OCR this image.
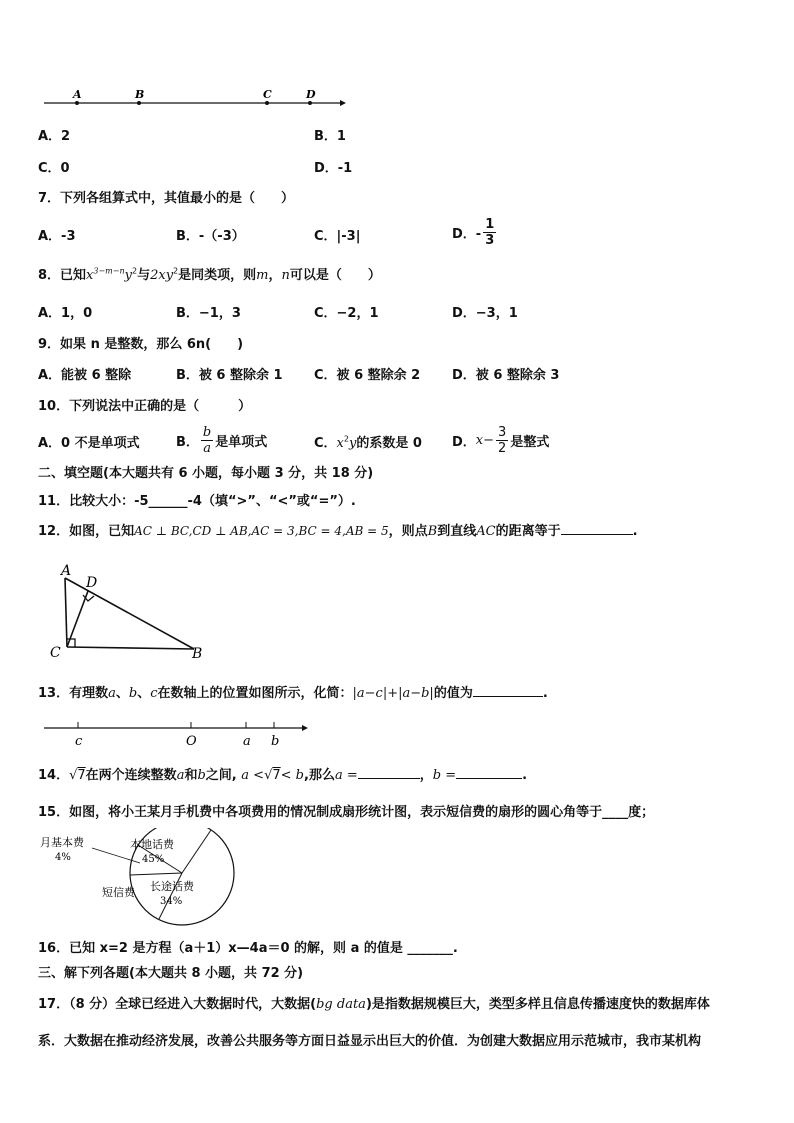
A	B	C	D
A．2	B．1
C．0	D．-1
7．下列各组算式中，其值最小的是（　　）
A．-3	B．-（-3）	C．|-3|	D．- $\frac{1}{3}$
8．已知$x^{3-m-n}y^2$与$2xy^2$是同类项，则m，n可以是（　　）
A．1，0	B．−1，3	C．−2，1	D．−3，1
9．如果 n 是整数，那么 6n(　　)
A．能被 6 整除	B．被 6 整除余 1 C．被 6 整除余 2 D．被 6 整除余 3
10．下列说法中正确的是（　　　）
A．0 不是单项式	B． $\frac{b}{a}$ 是单项式	C．$x^2y$的系数是 0 D． $x- \frac{3}{2}$ 是整式
二、填空题(本大题共有 6 小题，每小题 3 分，共 18 分)
11．比较大小：-5______-4（填“>”、“<”或“=”）.
12．如图，已知AC ⊥ BC,CD ⊥ AB,AC = 3,BC = 4,AB = 5，则点B到直线AC的距离等于	.
A
D
C	B
13．有理数a、b、c在数轴上的位置如图所示，化简：|a−c|+|a−b|的值为	.
c	O	a b
14．√7在两个连续整数a和b之间, a <√7< b,那么a =	，b =	.
15．如图，将小王某月手机费中各项费用的情况制成扇形统计图，表示短信费的扇形的圆心角等于____度；
月基本费
4%
本地话费
45%
长途话费
34%
短信费
16．已知 x=2 是方程（a＋1）x—4a＝0 的解，则 a 的值是 _______.
三、解下列各题(本大题共 8 小题，共 72 分)
17．（8 分）全球已经进入大数据时代，大数据(bg data)是指数据规模巨大，类型多样且信息传播速度快的数据库体
系．大数据在推动经济发展，改善公共服务等方面日益显示出巨大的价值．为创建大数据应用示范城市，我市某机构
